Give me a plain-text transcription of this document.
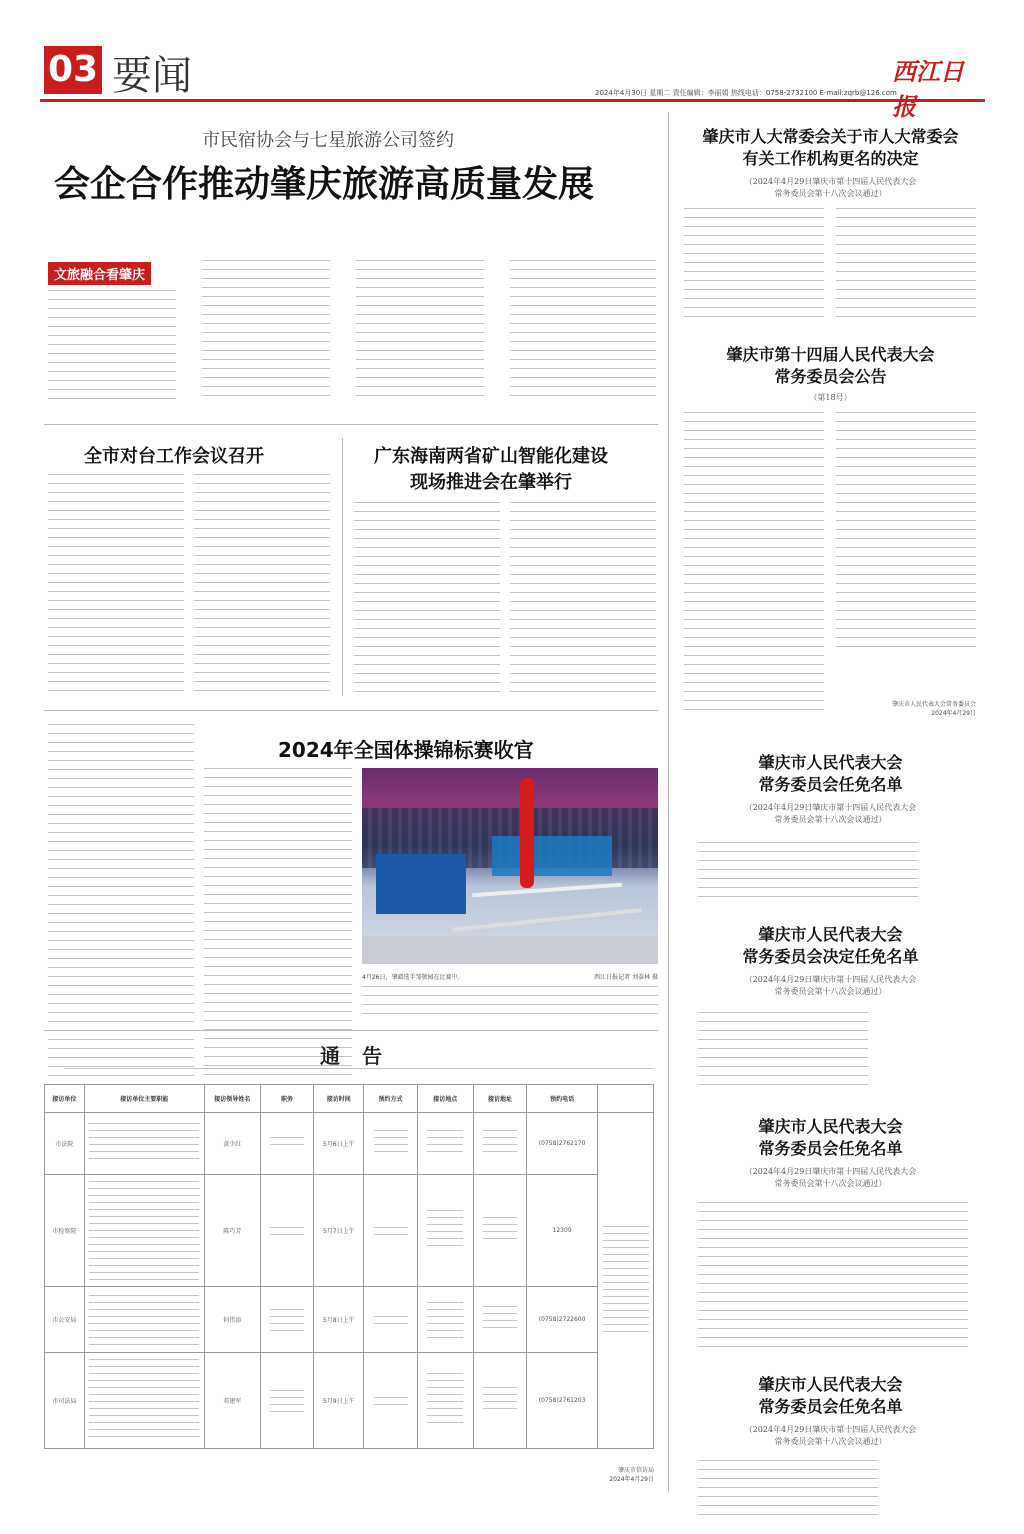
03 要闻	2024年4月30日 星期二 责任编辑：李丽娟 热线电话：0758-2732100 E-mail:zqrb@126.com
西江日报
市民宿协会与七星旅游公司签约
会企合作推动肇庆旅游高质量发展
文旅融合看肇庆
全市对台工作会议召开	广东海南两省矿山智能化建设
现场推进会在肇举行
2024年全国体操锦标赛收官
4月26日，肇籍选手邹敬园在比赛中。	西江日报记者 刘泰林 摄
通告
接访单位	接访单位主要职能	接访领导姓名	职务	接访时间	预约方式	接访地点	接访地址	预约电话	
市法院		黄少红		5月6日上午				(0758)2762170	

市检察院		陈巧芳		5月7日上午				12309	
市公安局		何伟添		5月8日上午				(0758)2722600	
市司法局		邓建军		5月9日上午				(0758)2761203	
肇庆市信访局
2024年4月29日
肇庆市人大常委会关于市人大常委会
有关工作机构更名的决定
（2024年4月29日肇庆市第十四届人民代表大会
常务委员会第十八次会议通过）
肇庆市第十四届人民代表大会
常务委员会公告
（第18号）
肇庆市人民代表大会常务委员会
2024年4月29日
肇庆市人民代表大会
常务委员会任免名单
（2024年4月29日肇庆市第十四届人民代表大会
常务委员会第十八次会议通过）
肇庆市人民代表大会
常务委员会决定任免名单
（2024年4月29日肇庆市第十四届人民代表大会
常务委员会第十八次会议通过）
肇庆市人民代表大会
常务委员会任免名单
（2024年4月29日肇庆市第十四届人民代表大会
常务委员会第十八次会议通过）
肇庆市人民代表大会
常务委员会任免名单
（2024年4月29日肇庆市第十四届人民代表大会
常务委员会第十八次会议通过）
